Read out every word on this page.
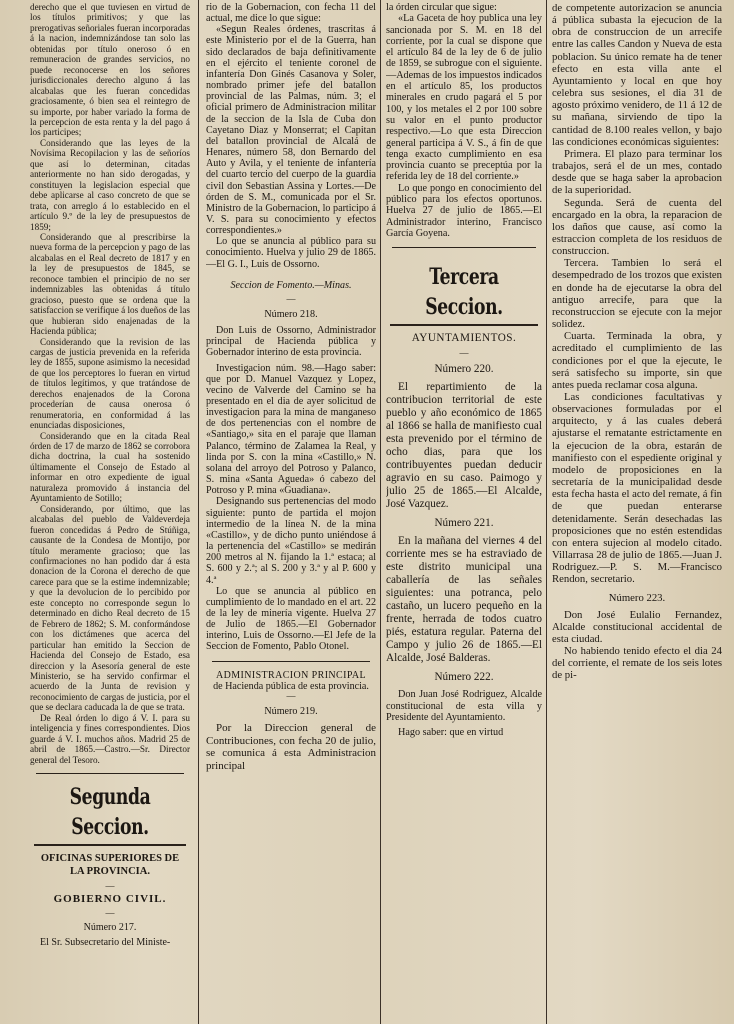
derecho que el que tuviesen en virtud de los títulos primitivos; y que las prerogativas señoriales fueran incorporadas á la nacion, indemnizándose tan solo las obtenidas por título oneroso ó en remuneracion de grandes servicios, no puede reconocerse en los señores jurisdiccionales derecho alguno á las alcabalas que les fueran concedidas graciosamente, ó bien sea el reintegro de su importe, por haber variado la forma de la percepcion de esta renta y la del pago á los participes;

Considerando que las leyes de la Novísima Recopilacion y las de señoríos que así lo determinan, citadas anteriormente no han sido derogadas, y constituyen la legislacion especial que debe aplicarse al caso concreto de que se trata, con arreglo á lo establecido en el artículo 9.º de la ley de presupuestos de 1859;

Considerando que al prescribirse la nueva forma de la percepcion y pago de las alcabalas en el Real decreto de 1817 y en la ley de presupuestos de 1845, se reconoce tambien el principio de no ser indemnizables las obtenidas á título gracioso, puesto que se ordena que la satisfaccion se verifique á los dueños de las que hubieran sido enajenadas de la Hacienda pública;

Considerando que la revision de las cargas de justicia prevenida en la referida ley de 1855, supone asimismo la necesidad de que los perceptores lo fueran en virtud de títulos legítimos, y que tratándose de derechos enajenados de la Corona procederían de causa onerosa ó renumeratoria, en conformidad á las enunciadas disposiciones,

Considerando que en la citada Real órden de 17 de marzo de 1862 se corrobora dicha doctrina, la cual ha sostenido últimamente el Consejo de Estado al informar en otro expediente de igual naturaleza promovido á instancia del Ayuntamiento de Sotillo;

Considerando, por último, que las alcabalas del pueblo de Valdeverdeja fueron concedidas á Pedro de Stúñiga, causante de la Condesa de Montijo, por título meramente gracioso; que las confirmaciones no han podido dar á esta donacion de la Corona el derecho de que carece para que se la estime indemnizable; y que la devolucion de lo percibido por este concepto no corresponde segun lo determinado en dicho Real decreto de 15 de Febrero de 1862; S. M. conformándose con los dictámenes que acerca del particular han emitido la Seccion de Hacienda del Consejo de Estado, esa direccion y la Asesoría general de este Ministerio, se ha servido confirmar el acuerdo de la Junta de revision y reconocimiento de cargas de justicia, por el que se declara caducada la de que se trata.

De Real órden lo digo á V. I. para su inteligencia y fines correspondientes. Dios guarde á V. I. muchos años. Madrid 25 de abril de 1865.—Castro.—Sr. Director general del Tesoro.

Segunda Seccion.

OFICINAS SUPERIORES DE LA PROVINCIA.

—

GOBIERNO CIVIL.

—

Número 217.

El Sr. Subsecretario del Ministe-

rio de la Gobernacion, con fecha 11 del actual, me dice lo que sigue:

«Segun Reales órdenes, trascritas á este Ministerio por el de la Guerra, han sido declarados de baja definitivamente en el ejército el teniente coronel de infantería Don Ginés Casanova y Soler, nombrado primer jefe del batallon provincial de las Palmas, núm. 3; el oficial primero de Administracion militar de la seccion de la Isla de Cuba don Cayetano Diaz y Monserrat; el Capitan del batallon provincial de Alcalá de Henares, número 58, don Bernardo del Auto y Avila, y el teniente de infantería del cuarto tercio del cuerpo de la guardia civil don Sebastian Assina y Lortes.—De órden de S. M., comunicada por el Sr. Ministro de la Gobernacion, lo participo á V. S. para su conocimiento y efectos correspondientes.»

Lo que se anuncia al público para su conocimiento. Huelva y julio 29 de 1865.—El G. I., Luis de Ossorno.

Seccion de Fomento.—Minas.

—

Número 218.

Don Luis de Ossorno, Administrador principal de Hacienda pública y Gobernador interino de esta provincia.

Investigacion núm. 98.—Hago saber: que por D. Manuel Vazquez y Lopez, vecino de Valverde del Camino se ha presentado en el dia de ayer solicitud de investigacion para la mina de manganeso de dos pertenencias con el nombre de «Santiago,» sita en el paraje que llaman Palanco, término de Zalamea la Real, y linda por S. con la mina «Castillo,» N. solana del arroyo del Potroso y Palanco, S. mina «Santa Agueda» ó cabezo del Potroso y P. mina «Guadiana».

Designando sus pertenencias del modo siguiente: punto de partida el mojon intermedio de la línea N. de la mina «Castillo», y de dicho punto uniéndose á la pertenencia del «Castillo» se medirán 200 metros al N. fijando la 1.ª estaca; al S. 600 y 2.ª; al S. 200 y 3.ª y al P. 600 y 4.ª

Lo que se anuncia al público en cumplimiento de lo mandado en el art. 22 de la ley de minería vigente. Huelva 27 de Julio de 1865.—El Gobernador interino, Luis de Ossorno.—El Jefe de la Seccion de Fomento, Pablo Otonel.

ADMINISTRACION PRINCIPAL

de Hacienda pública de esta provincia.

—

Número 219.

Por la Direccion general de Contribuciones, con fecha 20 de julio, se comunica á esta Administracion principal

la órden circular que sigue:

«La Gaceta de hoy publica una ley sancionada por S. M. en 18 del corriente, por la cual se dispone que el artículo 84 de la ley de 6 de julio de 1859, se subrogue con el siguiente.—Ademas de los impuestos indicados en el artículo 85, los productos minerales en crudo pagará el 5 por 100, y los metales el 2 por 100 sobre su valor en el punto productor respectivo.—Lo que esta Direccion general participa á V. S., á fin de que tenga exacto cumplimiento en esa provincia cuanto se preceptúa por la referida ley de 18 del corriente.»

Lo que pongo en conocimiento del público para los efectos oportunos. Huelva 27 de julio de 1865.—El Administrador interino, Francisco García Goyena.

Tercera Seccion.

AYUNTAMIENTOS.

—

Número 220.

El repartimiento de la contribucion territorial de este pueblo y año económico de 1865 al 1866 se halla de manifiesto cual esta prevenido por el término de ocho dias, para que los contribuyentes puedan deducir agravio en su caso. Paimogo y julio 25 de 1865.—El Alcalde, José Vazquez.

Número 221.

En la mañana del viernes 4 del corriente mes se ha estraviado de este distrito municipal una caballería de las señales siguientes: una potranca, pelo castaño, un lucero pequeño en la frente, herrada de todos cuatro piés, estatura regular. Paterna del Campo y julio 26 de 1865.—El Alcalde, José Balderas.

Número 222.

Don Juan José Rodriguez, Alcalde constitucional de esta villa y Presidente del Ayuntamiento.

Hago saber: que en virtud

de competente autorizacion se anuncia á pública subasta la ejecucion de la obra de construccion de un arrecife entre las calles Candon y Nueva de esta poblacion. Su único remate ha de tener efecto en esta villa ante el Ayuntamiento y local en que hoy celebra sus sesiones, el dia 31 de agosto próximo venidero, de 11 á 12 de su mañana, sirviendo de tipo la cantidad de 8.100 reales vellon, y bajo las condiciones económicas siguientes:

Primera. El plazo para terminar los trabajos, será el de un mes, contado desde que se haga saber la aprobacion de la superioridad.

Segunda. Será de cuenta del encargado en la obra, la reparacion de los daños que cause, así como la estraccion completa de los residuos de construccion.

Tercera. Tambien lo será el desempedrado de los trozos que existen en donde ha de ejecutarse la obra del antiguo arrecife, para que la reconstruccion se ejecute con la mejor solidez.

Cuarta. Terminada la obra, y acreditado el cumplimiento de las condiciones por el que la ejecute, le será satisfecho su importe, sin que antes pueda reclamar cosa alguna.

Las condiciones facultativas y observaciones formuladas por el arquitecto, y á las cuales deberá ajustarse el rematante estrictamente en la ejecucion de la obra, estarán de manifiesto con el espediente original y modelo de proposiciones en la secretaría de la municipalidad desde esta fecha hasta el acto del remate, á fin de que puedan enterarse detenidamente. Serán desechadas las proposiciones que no estén estendidas con entera sujecion al modelo citado. Villarrasa 28 de julio de 1865.—Juan J. Rodriguez.—P. S. M.—Francisco Rendon, secretario.

Número 223.

Don José Eulalio Fernandez, Alcalde constitucional accidental de esta ciudad.

No habiendo tenido efecto el dia 24 del corriente, el remate de los seis lotes de pi-
